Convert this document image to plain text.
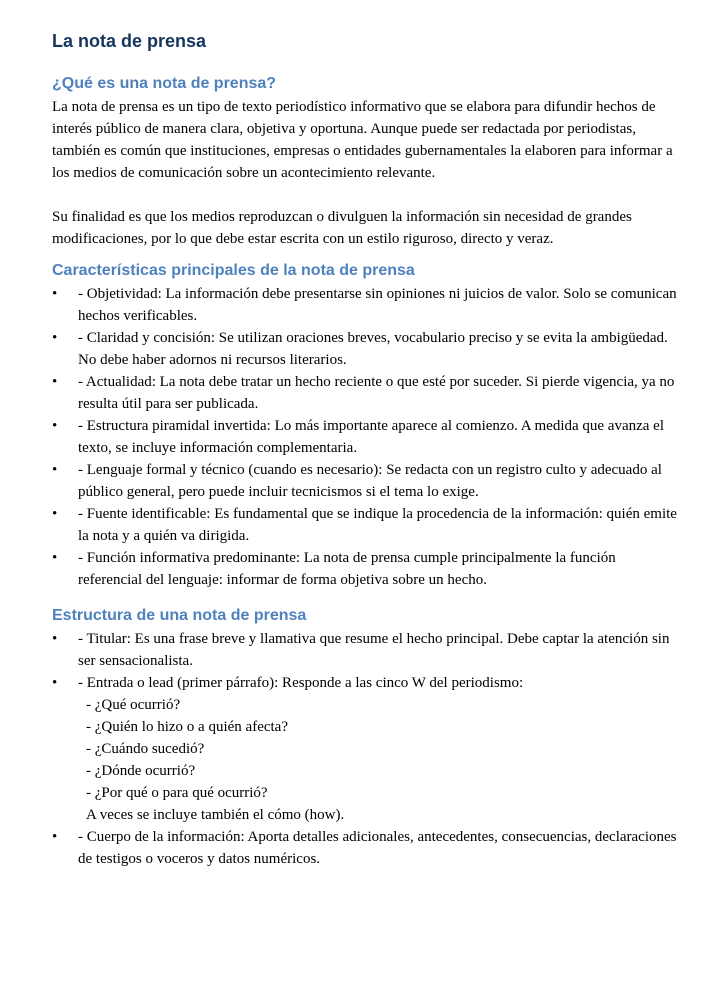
La nota de prensa
¿Qué es una nota de prensa?

La nota de prensa es un tipo de texto periodístico informativo que se elabora para difundir hechos de interés público de manera clara, objetiva y oportuna. Aunque puede ser redactada por periodistas, también es común que instituciones, empresas o entidades gubernamentales la elaboren para informar a los medios de comunicación sobre un acontecimiento relevante.

Su finalidad es que los medios reproduzcan o divulguen la información sin necesidad de grandes modificaciones, por lo que debe estar escrita con un estilo riguroso, directo y veraz.

Características principales de la nota de prensa
• - Objetividad: La información debe presentarse sin opiniones ni juicios de valor. Solo se comunican hechos verificables.
• - Claridad y concisión: Se utilizan oraciones breves, vocabulario preciso y se evita la ambigüedad. No debe haber adornos ni recursos literarios.
• - Actualidad: La nota debe tratar un hecho reciente o que esté por suceder. Si pierde vigencia, ya no resulta útil para ser publicada.
• - Estructura piramidal invertida: Lo más importante aparece al comienzo. A medida que avanza el texto, se incluye información complementaria.
• - Lenguaje formal y técnico (cuando es necesario): Se redacta con un registro culto y adecuado al público general, pero puede incluir tecnicismos si el tema lo exige.
• - Fuente identificable: Es fundamental que se indique la procedencia de la información: quién emite la nota y a quién va dirigida.
• - Función informativa predominante: La nota de prensa cumple principalmente la función referencial del lenguaje: informar de forma objetiva sobre un hecho.
Estructura de una nota de prensa
• - Titular: Es una frase breve y llamativa que resume el hecho principal. Debe captar la atención sin ser sensacionalista.
• - Entrada o lead (primer párrafo): Responde a las cinco W del periodismo:
- ¿Qué ocurrió?
- ¿Quién lo hizo o a quién afecta?
- ¿Cuándo sucedió?
- ¿Dónde ocurrió?
- ¿Por qué o para qué ocurrió?
A veces se incluye también el cómo (how).
• - Cuerpo de la información: Aporta detalles adicionales, antecedentes, consecuencias, declaraciones de testigos o voceros y datos numéricos.
